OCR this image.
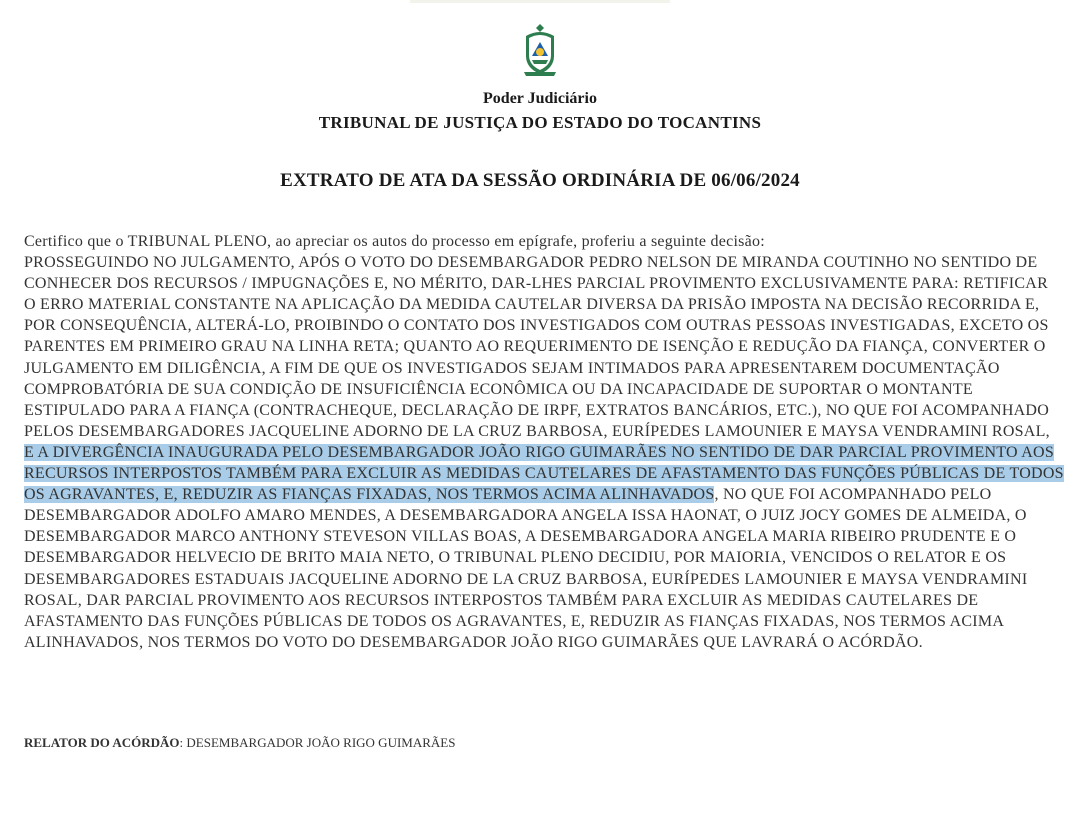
Poder Judiciário
TRIBUNAL DE JUSTIÇA DO ESTADO DO TOCANTINS
EXTRATO DE ATA DA SESSÃO ORDINÁRIA DE 06/06/2024
Certifico que o TRIBUNAL PLENO, ao apreciar os autos do processo em epígrafe, proferiu a seguinte decisão:
PROSSEGUINDO NO JULGAMENTO, APÓS O VOTO DO DESEMBARGADOR PEDRO NELSON DE MIRANDA COUTINHO NO SENTIDO DE CONHECER DOS RECURSOS / IMPUGNAÇÕES E, NO MÉRITO, DAR-LHES PARCIAL PROVIMENTO EXCLUSIVAMENTE PARA: RETIFICAR O ERRO MATERIAL CONSTANTE NA APLICAÇÃO DA MEDIDA CAUTELAR DIVERSA DA PRISÃO IMPOSTA NA DECISÃO RECORRIDA E, POR CONSEQUÊNCIA, ALTERÁ-LO, PROIBINDO O CONTATO DOS INVESTIGADOS COM OUTRAS PESSOAS INVESTIGADAS, EXCETO OS PARENTES EM PRIMEIRO GRAU NA LINHA RETA; QUANTO AO REQUERIMENTO DE ISENÇÃO E REDUÇÃO DA FIANÇA, CONVERTER O JULGAMENTO EM DILIGÊNCIA, A FIM DE QUE OS INVESTIGADOS SEJAM INTIMADOS PARA APRESENTAREM DOCUMENTAÇÃO COMPROBATÓRIA DE SUA CONDIÇÃO DE INSUFICIÊNCIA ECONÔMICA OU DA INCAPACIDADE DE SUPORTAR O MONTANTE ESTIPULADO PARA A FIANÇA (CONTRACHEQUE, DECLARAÇÃO DE IRPF, EXTRATOS BANCÁRIOS, ETC.), NO QUE FOI ACOMPANHADO PELOS DESEMBARGADORES JACQUELINE ADORNO DE LA CRUZ BARBOSA, EURÍPEDES LAMOUNIER E MAYSA VENDRAMINI ROSAL, E A DIVERGÊNCIA INAUGURADA PELO DESEMBARGADOR JOÃO RIGO GUIMARÃES NO SENTIDO DE DAR PARCIAL PROVIMENTO AOS RECURSOS INTERPOSTOS TAMBÉM PARA EXCLUIR AS MEDIDAS CAUTELARES DE AFASTAMENTO DAS FUNÇÕES PÚBLICAS DE TODOS OS AGRAVANTES, E, REDUZIR AS FIANÇAS FIXADAS, NOS TERMOS ACIMA ALINHAVADOS, NO QUE FOI ACOMPANHADO PELO DESEMBARGADOR ADOLFO AMARO MENDES, A DESEMBARGADORA ANGELA ISSA HAONAT, O JUIZ JOCY GOMES DE ALMEIDA, O DESEMBARGADOR MARCO ANTHONY STEVESON VILLAS BOAS, A DESEMBARGADORA ANGELA MARIA RIBEIRO PRUDENTE E O DESEMBARGADOR HELVECIO DE BRITO MAIA NETO, O TRIBUNAL PLENO DECIDIU, POR MAIORIA, VENCIDOS O RELATOR E OS DESEMBARGADORES ESTADUAIS JACQUELINE ADORNO DE LA CRUZ BARBOSA, EURÍPEDES LAMOUNIER E MAYSA VENDRAMINI ROSAL, DAR PARCIAL PROVIMENTO AOS RECURSOS INTERPOSTOS TAMBÉM PARA EXCLUIR AS MEDIDAS CAUTELARES DE AFASTAMENTO DAS FUNÇÕES PÚBLICAS DE TODOS OS AGRAVANTES, E, REDUZIR AS FIANÇAS FIXADAS, NOS TERMOS ACIMA ALINHAVADOS, NOS TERMOS DO VOTO DO DESEMBARGADOR JOÃO RIGO GUIMARÃES QUE LAVRARÁ O ACÓRDÃO.
RELATOR DO ACÓRDÃO: DESEMBARGADOR JOÃO RIGO GUIMARÃES
